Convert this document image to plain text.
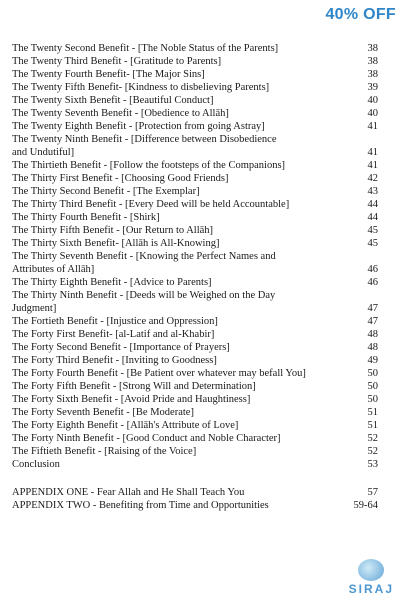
40% OFF
The Twenty Second Benefit - [The Noble Status of the Parents]	38
The Twenty Third Benefit - [Gratitude to Parents]	38
The Twenty Fourth Benefit- [The Major Sins]	38
The Twenty Fifth Benefit- [Kindness to disbelieving Parents]	39
The Twenty Sixth Benefit - [Beautiful Conduct]	40
The Twenty Seventh Benefit - [Obedience to Allāh]	40
The Twenty Eighth Benefit - [Protection from going Astray]	41
The Twenty Ninth Benefit - [Difference between Disobedience
and Undutiful]	41
The Thirtieth Benefit - [Follow the footsteps of the Companions]	41
The Thirty First Benefit - [Choosing Good Friends]	42
The Thirty Second Benefit - [The Exemplar]	43
The Thirty Third Benefit - [Every Deed will be held Accountable]	44
The Thirty Fourth Benefit - [Shirk]	44
The Thirty Fifth Benefit - [Our Return to Allāh]	45
The Thirty Sixth Benefit- [Allāh is All-Knowing]	45
The Thirty Seventh Benefit - [Knowing the Perfect Names and
Attributes of Allāh]	46
The Thirty Eighth Benefit - [Advice to Parents]	46
The Thirty Ninth Benefit - [Deeds will be Weighed on the Day
Judgment]	47
The Fortieth Benefit - [Injustice and Oppression]	47
The Forty First Benefit- [al-Latif and al-Khabir]	48
The Forty Second Benefit - [Importance of Prayers]	48
The Forty Third Benefit - [Inviting to Goodness]	49
The Forty Fourth Benefit - [Be Patient over whatever may befall You]	50
The Forty Fifth Benefit - [Strong Will and Determination]	50
The Forty Sixth Benefit - [Avoid Pride and Haughtiness]	50
The Forty Seventh Benefit - [Be Moderate]	51
The Forty Eighth Benefit - [Allāh's Attribute of Love]	51
The Forty Ninth Benefit - [Good Conduct and Noble Character]	52
The Fiftieth Benefit - [Raising of the Voice]	52
Conclusion	53
APPENDIX ONE - Fear Allah and He Shall Teach You	57
APPENDIX TWO - Benefiting from Time and Opportunities	59-64
SIRAJ
